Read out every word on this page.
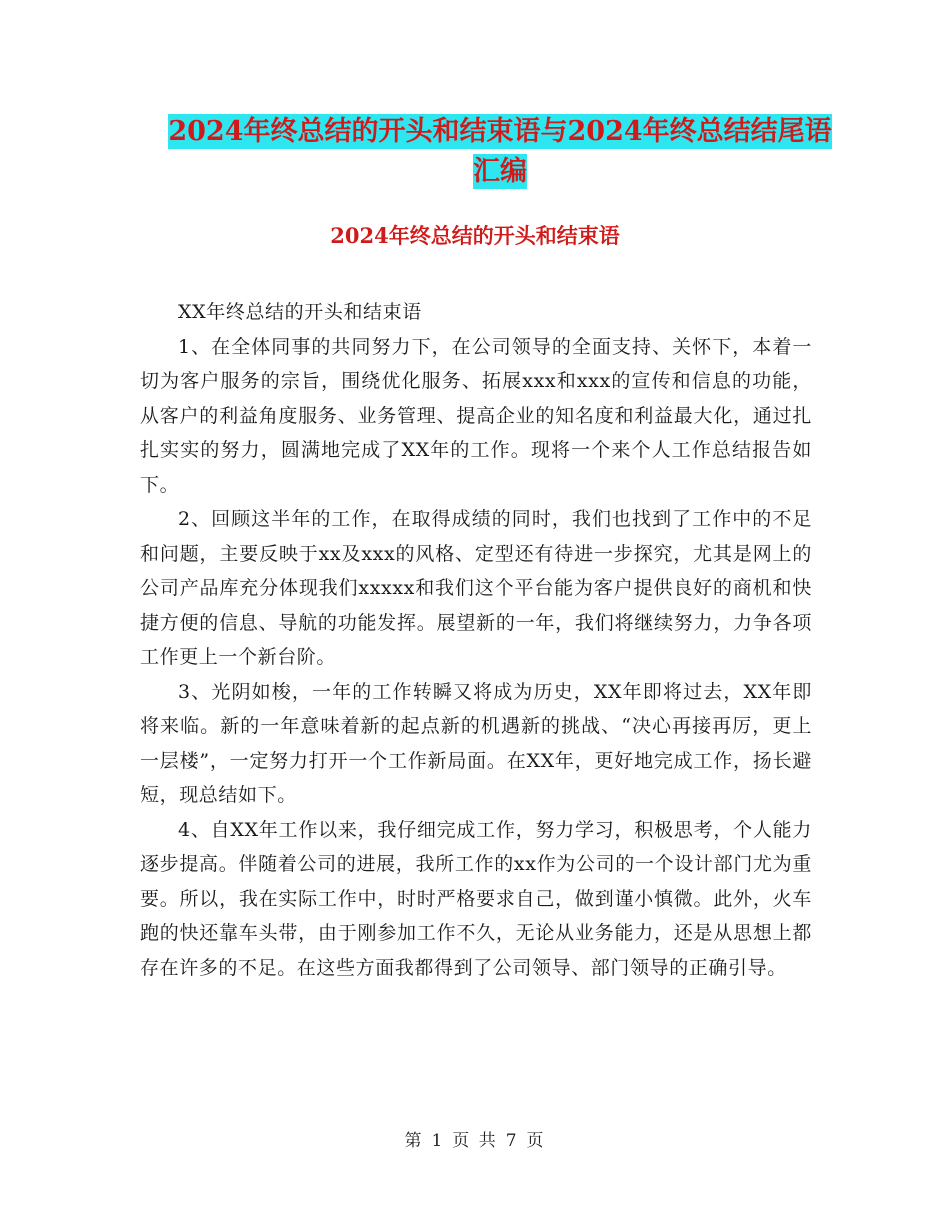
2024年终总结的开头和结束语与2024年终总结结尾语
汇编
2024年终总结的开头和结束语

XX年终总结的开头和结束语

1、在全体同事的共同努力下，在公司领导的全面支持、关怀下，本着一切为客户服务的宗旨，围绕优化服务、拓展xxx和xxx的宣传和信息的功能，从客户的利益角度服务、业务管理、提高企业的知名度和利益最大化，通过扎扎实实的努力，圆满地完成了XX年的工作。现将一个来个人工作总结报告如下。

2、回顾这半年的工作，在取得成绩的同时，我们也找到了工作中的不足和问题，主要反映于xx及xxx的风格、定型还有待进一步探究，尤其是网上的公司产品库充分体现我们xxxxx和我们这个平台能为客户提供良好的商机和快捷方便的信息、导航的功能发挥。展望新的一年，我们将继续努力，力争各项工作更上一个新台阶。

3、光阴如梭，一年的工作转瞬又将成为历史，XX年即将过去，XX年即将来临。新的一年意味着新的起点新的机遇新的挑战、“决心再接再厉，更上一层楼”，一定努力打开一个工作新局面。在XX年，更好地完成工作，扬长避短，现总结如下。

4、自XX年工作以来，我仔细完成工作，努力学习，积极思考，个人能力逐步提高。伴随着公司的进展，我所工作的xx作为公司的一个设计部门尤为重要。所以，我在实际工作中，时时严格要求自己，做到谨小慎微。此外，火车跑的快还靠车头带，由于刚参加工作不久，无论从业务能力，还是从思想上都存在许多的不足。在这些方面我都得到了公司领导、部门领导的正确引导。

第 1 页 共 7 页
